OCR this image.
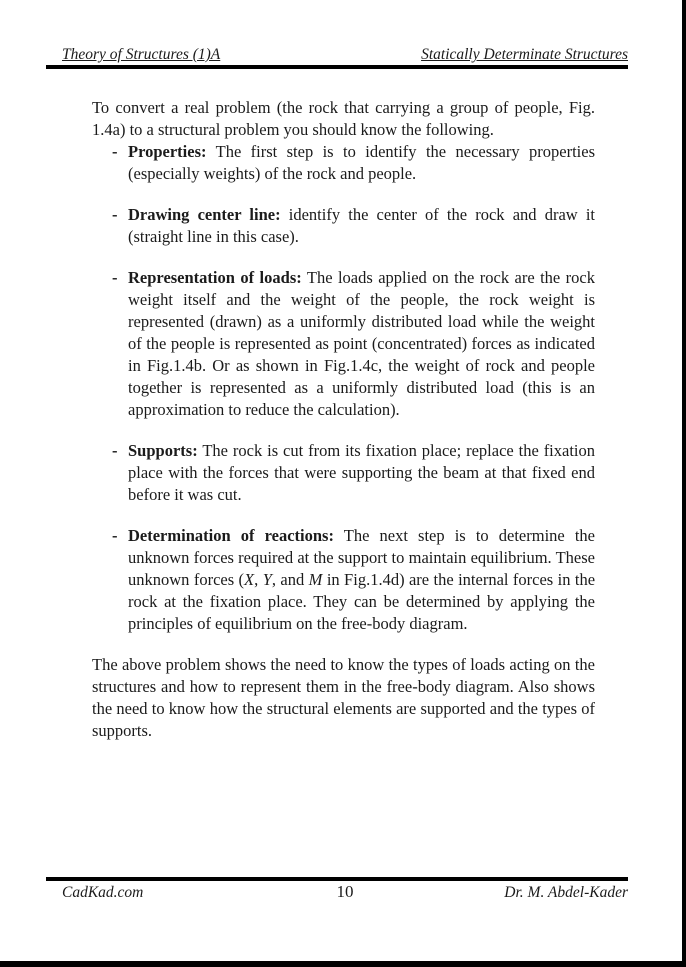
Theory of Structures (1)A	Statically Determinate Structures

To convert a real problem (the rock that carrying a group of people, Fig. 1.4a) to a structural problem you should know the following.

- Properties: The first step is to identify the necessary properties (especially weights) of the rock and people.
- Drawing center line: identify the center of the rock and draw it (straight line in this case).
- Representation of loads: The loads applied on the rock are the rock weight itself and the weight of the people, the rock weight is represented (drawn) as a uniformly distributed load while the weight of the people is represented as point (concentrated) forces as indicated in Fig.1.4b. Or as shown in Fig.1.4c, the weight of rock and people together is represented as a uniformly distributed load (this is an approximation to reduce the calculation).
- Supports: The rock is cut from its fixation place; replace the fixation place with the forces that were supporting the beam at that fixed end before it was cut.
- Determination of reactions: The next step is to determine the unknown forces required at the support to maintain equilibrium. These unknown forces (X, Y, and M in Fig.1.4d) are the internal forces in the rock at the fixation place. They can be determined by applying the principles of equilibrium on the free-body diagram.

The above problem shows the need to know the types of loads acting on the structures and how to represent them in the free-body diagram. Also shows the need to know how the structural elements are supported and the types of supports.

CadKad.com	10	Dr. M. Abdel-Kader
